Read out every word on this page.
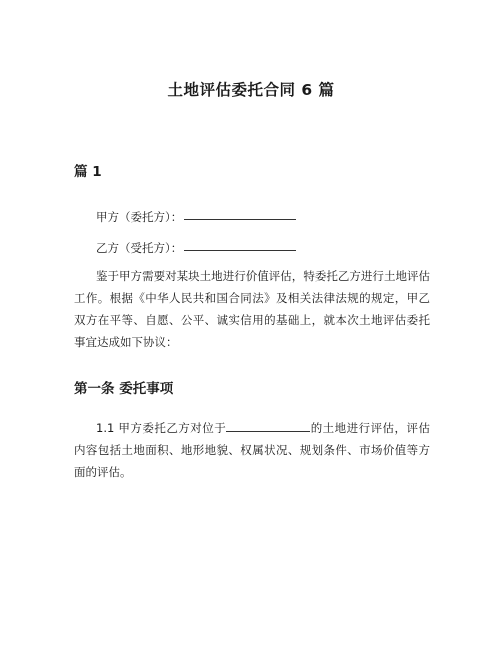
土地评估委托合同 6 篇
篇 1
甲方（委托方）：
乙方（受托方）：

鉴于甲方需要对某块土地进行价值评估，特委托乙方进行土地评估工作。根据《中华人民共和国合同法》及相关法律法规的规定，甲乙双方在平等、自愿、公平、诚实信用的基础上，就本次土地评估委托事宜达成如下协议：

第一条 委托事项

1.1 甲方委托乙方对位于	的土地进行评估，评估内容包括土地面积、地形地貌、权属状况、规划条件、市场价值等方面的评估。
